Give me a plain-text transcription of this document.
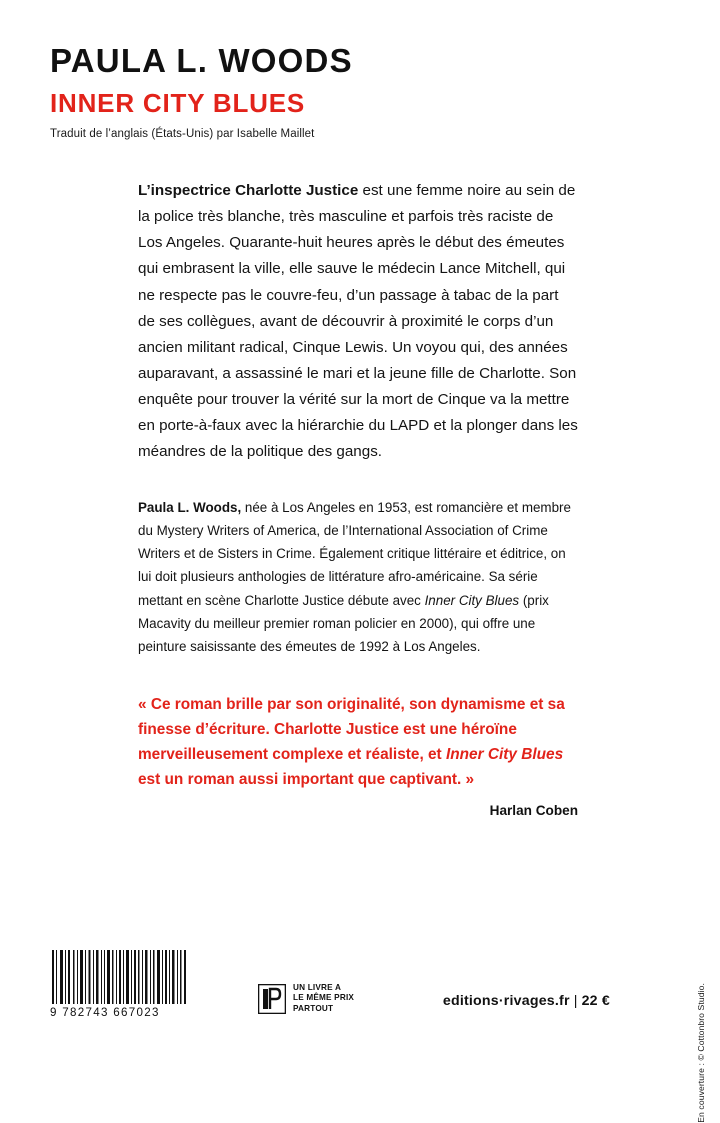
PAULA L. WOODS
INNER CITY BLUES

Traduit de l’anglais (États-Unis) par Isabelle Maillet

L’inspectrice Charlotte Justice est une femme noire au sein de la police très blanche, très masculine et parfois très raciste de Los Angeles. Quarante-huit heures après le début des émeutes qui embrasent la ville, elle sauve le médecin Lance Mitchell, qui ne respecte pas le couvre-feu, d’un passage à tabac de la part de ses collègues, avant de découvrir à proximité le corps d’un ancien militant radical, Cinque Lewis. Un voyou qui, des années auparavant, a assassiné le mari et la jeune fille de Charlotte. Son enquête pour trouver la vérité sur la mort de Cinque va la mettre en porte-à-faux avec la hiérarchie du LAPD et la plonger dans les méandres de la politique des gangs.

Paula L. Woods, née à Los Angeles en 1953, est romancière et membre du Mystery Writers of America, de l’International Association of Crime Writers et de Sisters in Crime. Également critique littéraire et éditrice, on lui doit plusieurs anthologies de littérature afro-américaine. Sa série mettant en scène Charlotte Justice débute avec Inner City Blues (prix Macavity du meilleur premier roman policier en 2000), qui offre une peinture saisissante des émeutes de 1992 à Los Angeles.

« Ce roman brille par son originalité, son dynamisme et sa finesse d’écriture. Charlotte Justice est une héroïne merveilleusement complexe et réaliste, et Inner City Blues est un roman aussi important que captivant. »

Harlan Coben

En couverture : © Cottonbro Studio.
9 782743 667023
UN LIVRE A
LE MÊME PRIX
PARTOUT	editions·rivages.fr | 22 €
